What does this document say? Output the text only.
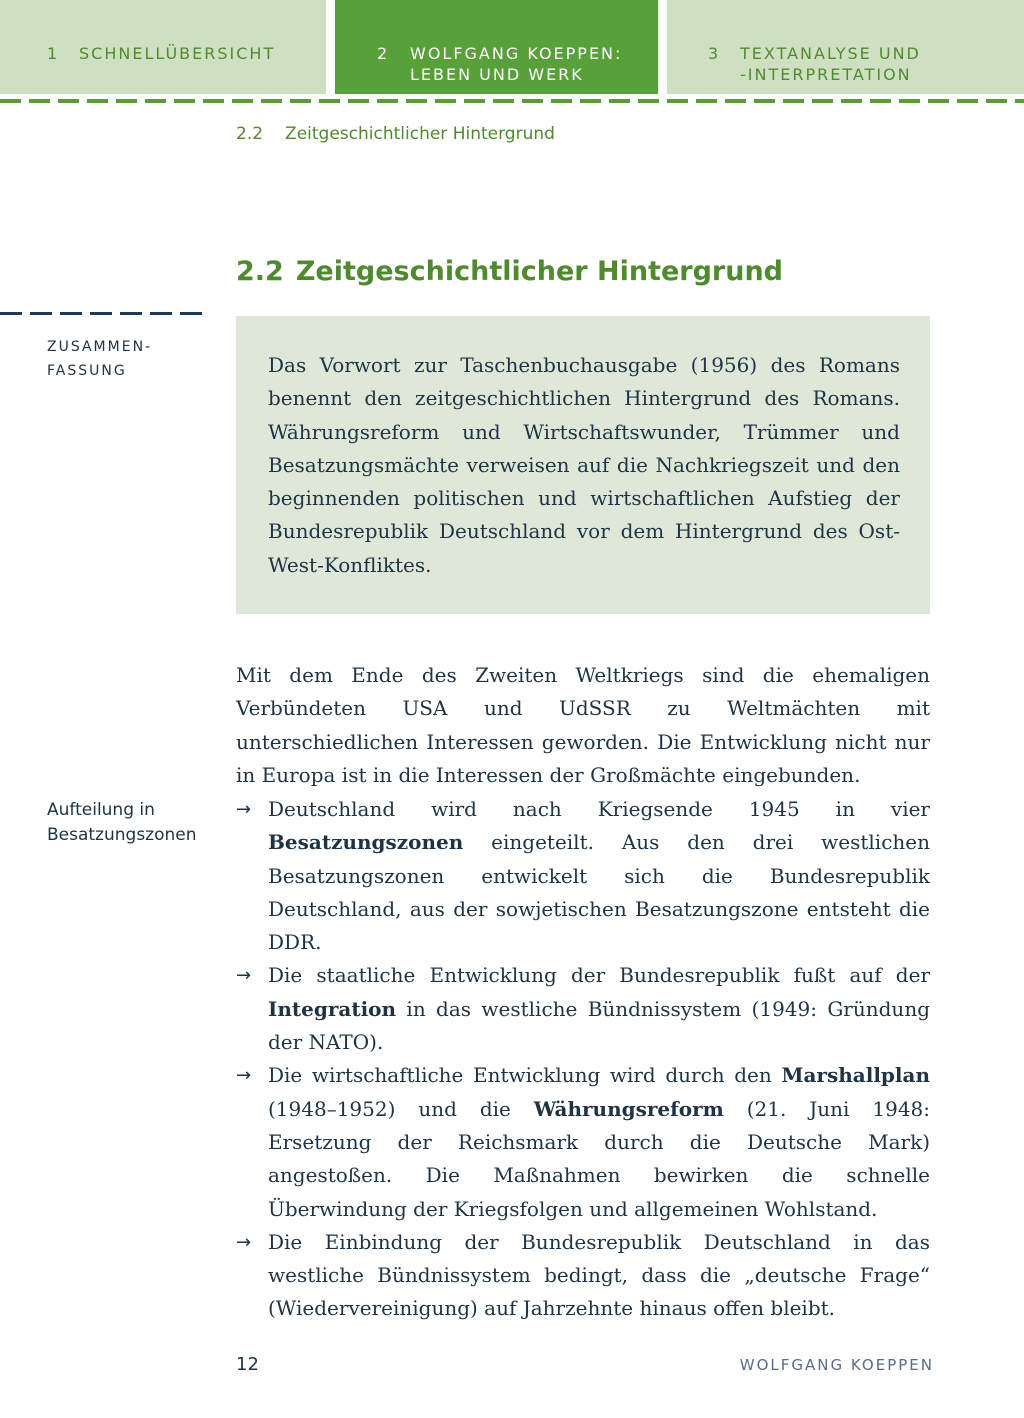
1 SCHNELLÜBERSICHT	2 WOLFGANG KOEPPEN:
LEBEN UND WERK
3 TEXTANALYSE UND
-INTERPRETATION
2.2 Zeitgeschichtlicher Hintergrund
2.2 Zeitgeschichtlicher Hintergrund
ZUSAMMEN-
FASSUNG	Das Vorwort zur Taschenbuchausgabe (1956) des Romans benennt den zeitgeschichtlichen Hintergrund des Romans. Währungsreform und Wirtschaftswunder, Trümmer und Besatzungsmächte verweisen auf die Nachkriegszeit und den beginnenden politischen und wirtschaftlichen Aufstieg der Bundesrepublik Deutschland vor dem Hintergrund des Ost-West-Konfliktes.

Mit dem Ende des Zweiten Weltkriegs sind die ehemaligen Verbündeten USA und UdSSR zu Weltmächten mit unterschiedlichen Interessen geworden. Die Entwicklung nicht nur in Europa ist in die Interessen der Großmächte eingebunden.

Aufteilung in
Besatzungszonen
→ Deutschland wird nach Kriegsende 1945 in vier Besatzungszonen eingeteilt. Aus den drei westlichen Besatzungszonen entwickelt sich die Bundesrepublik Deutschland, aus der sowjetischen Besatzungszone entsteht die DDR.
→ Die staatliche Entwicklung der Bundesrepublik fußt auf der Integration in das westliche Bündnissystem (1949: Gründung der NATO).
→ Die wirtschaftliche Entwicklung wird durch den Marshallplan (1948–1952) und die Währungsreform (21. Juni 1948: Ersetzung der Reichsmark durch die Deutsche Mark) angestoßen. Die Maßnahmen bewirken die schnelle Überwindung der Kriegsfolgen und allgemeinen Wohlstand.
→ Die Einbindung der Bundesrepublik Deutschland in das westliche Bündnissystem bedingt, dass die „deutsche Frage“ (Wiedervereinigung) auf Jahrzehnte hinaus offen bleibt.
12	WOLFGANG KOEPPEN
